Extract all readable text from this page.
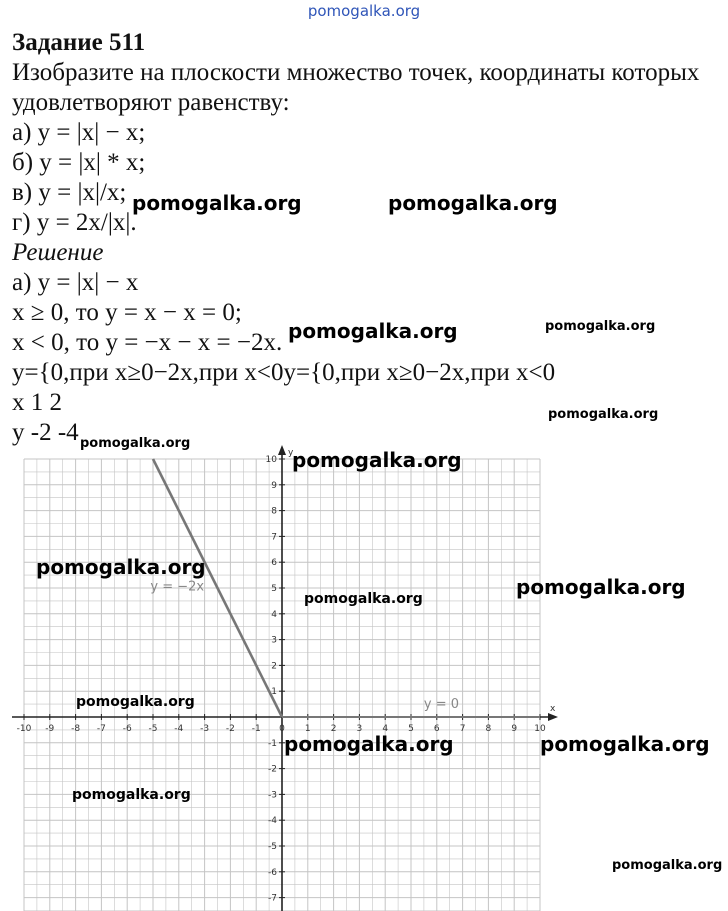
pomogalka.org
Задание 511
Изобразите на плоскости множество точек, координаты которых
удовлетворяют равенству:
а) y = |x| − x;
б) y = |x| * x;
в) y = |x|/x;
г) y = 2x/|x|.
Решение
а) y = |x| − x
x ≥ 0, то y = x − x = 0;
x < 0, то y = −x − x = −2x.
y={0,при x≥0−2x,при x<0y={0,при x≥0−2x,при x<0
x 1 2
y -2 -4
x
y
-10 -9 -8 -7 -6 -5 -4 -3 -2 -1 0 1 2 3 4 5 6 7 8 9 10
10
9
8
7
6
5
4
3
2
1
-1
-2
-3
-4
-5
-6
-7
y = −2x
y = 0
pomogalka.org	pomogalka.org
pomogalka.org	pomogalka.org
pomogalka.org
pomogalka.org
pomogalka.org
pomogalka.org
pomogalka.org
pomogalka.org
pomogalka.org
pomogalka.org	pomogalka.org
pomogalka.org
pomogalka.org
